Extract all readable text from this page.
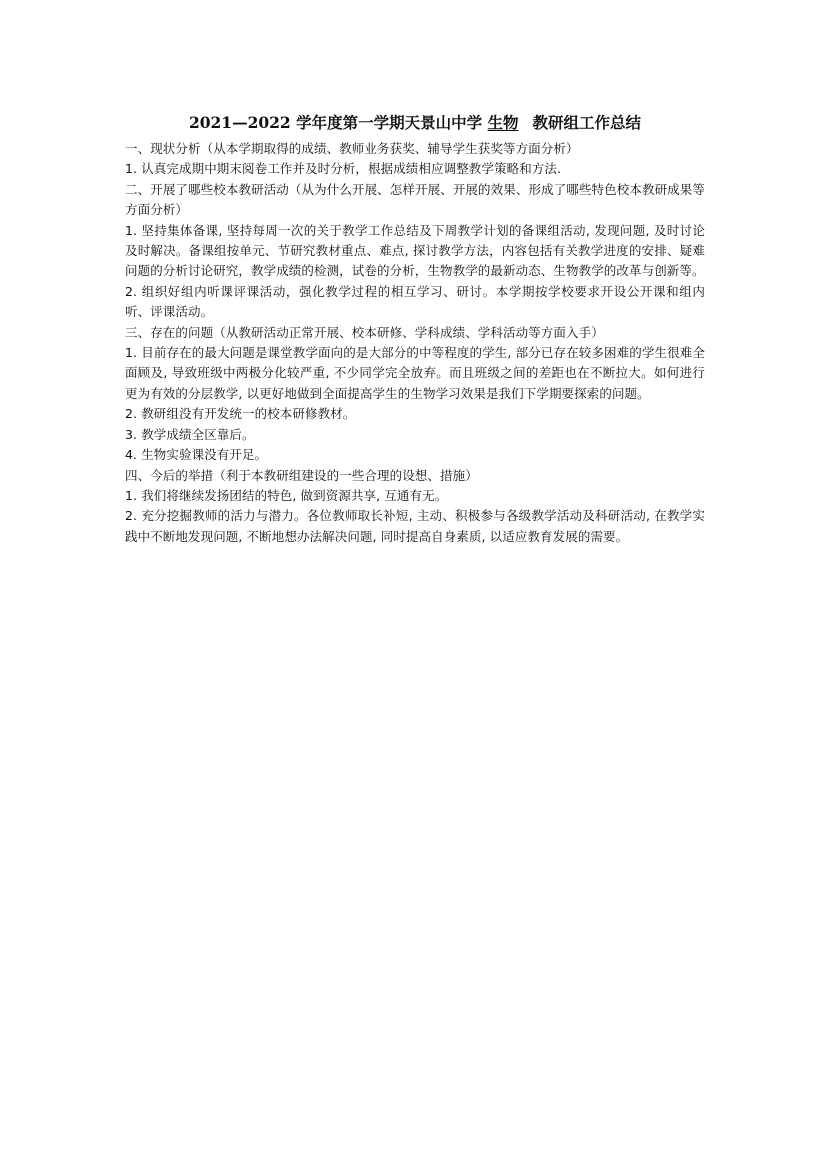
2021—2022 学年度第一学期天景山中学 生物 教研组工作总结

一、现状分析（从本学期取得的成绩、教师业务获奖、辅导学生获奖等方面分析）

1. 认真完成期中期末阅卷工作并及时分析，根据成绩相应调整教学策略和方法.

二、开展了哪些校本教研活动（从为什么开展、怎样开展、开展的效果、形成了哪些特色校本教研成果等方面分析）

1. 坚持集体备课, 坚持每周一次的关于教学工作总结及下周教学计划的备课组活动, 发现问题, 及时讨论及时解决。备课组按单元、节研究教材重点、难点, 探讨教学方法，内容包括有关教学进度的安排、疑难问题的分析讨论研究，教学成绩的检测，试卷的分析，生物教学的最新动态、生物教学的改革与创新等。

2. 组织好组内听课评课活动，强化教学过程的相互学习、研讨。本学期按学校要求开设公开课和组内听、评课活动。

三、存在的问题（从教研活动正常开展、校本研修、学科成绩、学科活动等方面入手）

1. 目前存在的最大问题是课堂教学面向的是大部分的中等程度的学生, 部分已存在较多困难的学生很难全面顾及, 导致班级中两极分化较严重, 不少同学完全放弃。而且班级之间的差距也在不断拉大。如何进行更为有效的分层教学, 以更好地做到全面提高学生的生物学习效果是我们下学期要探索的问题。

2. 教研组没有开发统一的校本研修教材。

3. 教学成绩全区靠后。

4. 生物实验课没有开足。

四、今后的举措（利于本教研组建设的一些合理的设想、措施）

1. 我们将继续发扬团结的特色, 做到资源共享, 互通有无。

2. 充分挖掘教师的活力与潜力。各位教师取长补短, 主动、积极参与各级教学活动及科研活动, 在教学实践中不断地发现问题, 不断地想办法解决问题, 同时提高自身素质, 以适应教育发展的需要。
